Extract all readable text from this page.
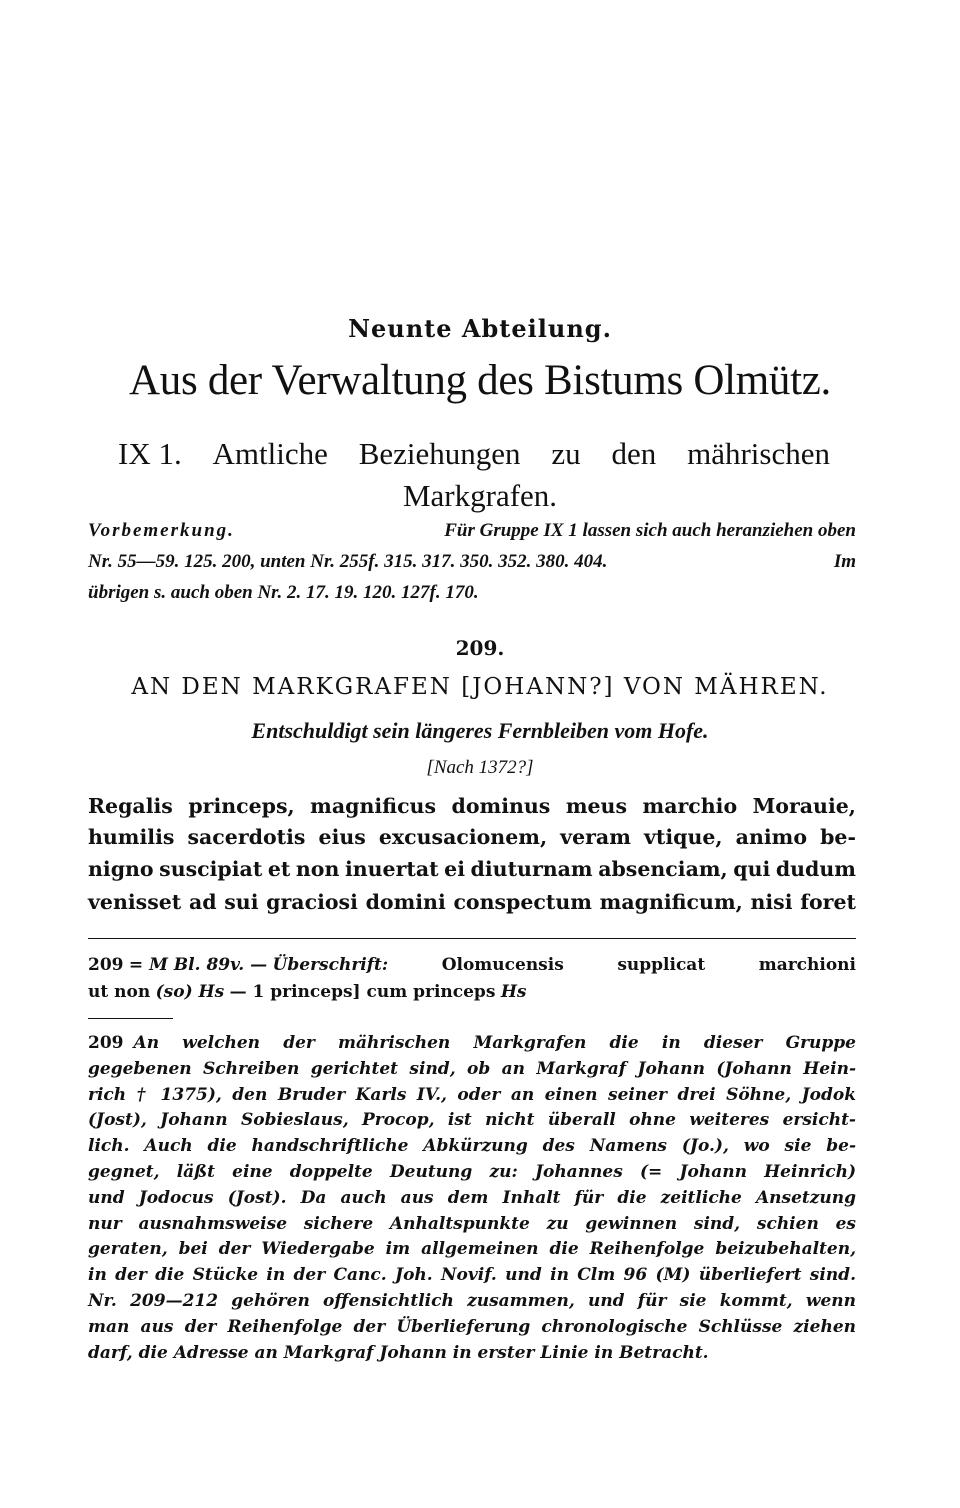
Neunte Abteilung.
Aus der Verwaltung des Bistums Olmütz.
IX 1. Amtliche Beziehungen zu den mährischen
Markgrafen.
Vorbemerkung.	Für Gruppe IX 1 lassen sich auch heranziehen oben
Nr. 55—59. 125. 200, unten Nr. 255f. 315. 317. 350. 352. 380. 404.	Im
übrigen s. auch oben Nr. 2. 17. 19. 120. 127f. 170.
209.
AN DEN MARKGRAFEN [JOHANN?] VON MÄHREN.
Entschuldigt sein längeres Fernbleiben vom Hofe.
[Nach 1372?]
Regalis princeps, magnificus dominus meus marchio Morauie,
humilis sacerdotis eius excusacionem, veram vtique, animo be-
nigno suscipiat et non inuertat ei diuturnam absenciam, qui dudum
venisset ad sui graciosi domini conspectum magnificum, nisi foret
209 = M Bl. 89v. — Überschrift:	Olomucensis	supplicat	marchioni
ut non (so) Hs — 1 princeps] cum princeps Hs
209 An welchen der mährischen Markgrafen die in dieser Gruppe
gegebenen Schreiben gerichtet sind, ob an Markgraf Johann (Johann Hein-
rich † 1375), den Bruder Karls IV., oder an einen seiner drei Söhne, Jodok
(Jost), Johann Sobieslaus, Procop, ist nicht überall ohne weiteres ersicht-
lich. Auch die handschriftliche Abkürzung des Namens (Jo.), wo sie be-
gegnet, läßt eine doppelte Deutung zu: Johannes (= Johann Heinrich)
und Jodocus (Jost). Da auch aus dem Inhalt für die zeitliche Ansetzung
nur ausnahmsweise sichere Anhaltspunkte zu gewinnen sind, schien es
geraten, bei der Wiedergabe im allgemeinen die Reihenfolge beizubehalten,
in der die Stücke in der Canc. Joh. Novif. und in Clm 96 (M) überliefert sind.
Nr. 209—212 gehören offensichtlich zusammen, und für sie kommt, wenn
man aus der Reihenfolge der Überlieferung chronologische Schlüsse ziehen
darf, die Adresse an Markgraf Johann in erster Linie in Betracht.
